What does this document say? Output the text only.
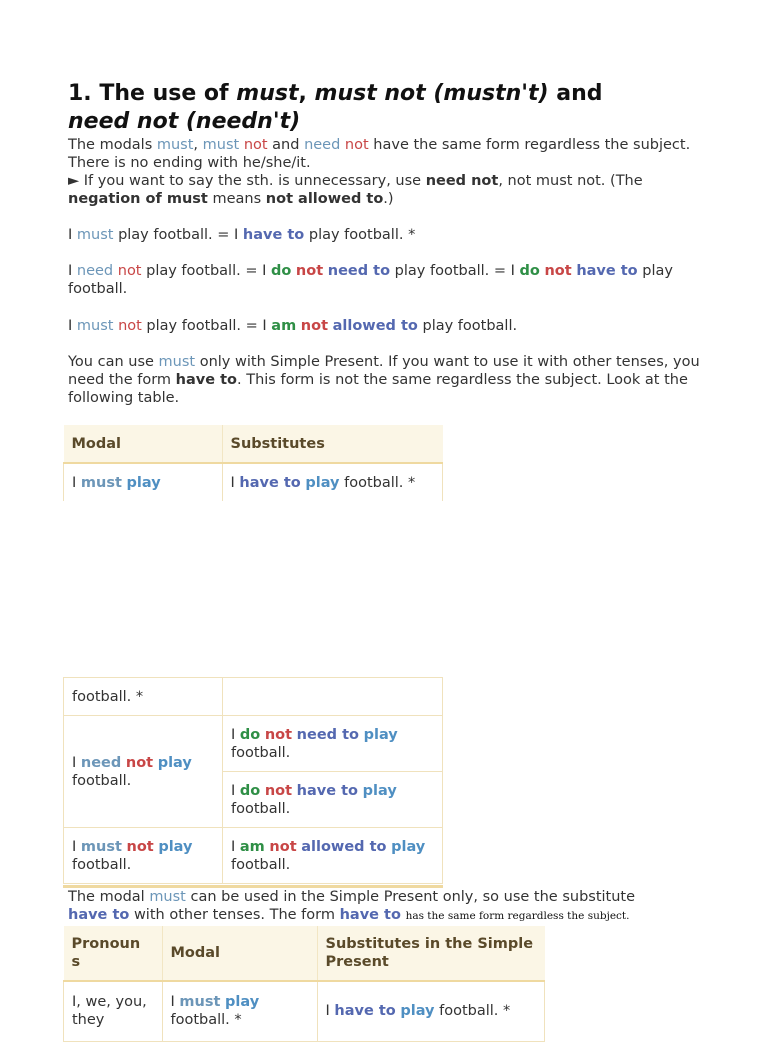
1. The use of must, must not (mustn't) and
need not (needn't)

The modals must, must not and need not have the same form regardless the subject. There is no ending with he/she/it.
► If you want to say the sth. is unnecessary, use need not, not must not. (The
negation of must means not allowed to.)

I must play football. = I have to play football. *

I need not play football. = I do not need to play football. = I do not have to play football.

I must not play football. = I am not allowed to play football.

You can use must only with Simple Present. If you want to use it with other tenses, you need the form have to. This form is not the same regardless the subject. Look at the following table.

Modal	Substitutes
I must play	I have to play football. *
football. *	
I need not play
football.	I do not need to play
football.
	I do not have to play
football.
I must not play
football.	I am not allowed to play
football.

The modal must can be used in the Simple Present only, so use the substitute
have to with other tenses. The form have to has the same form regardless the subject.

Pronoun s	Modal	Substitutes in the Simple Present
I, we, you, they	I must play
football. *	I have to play football. *
